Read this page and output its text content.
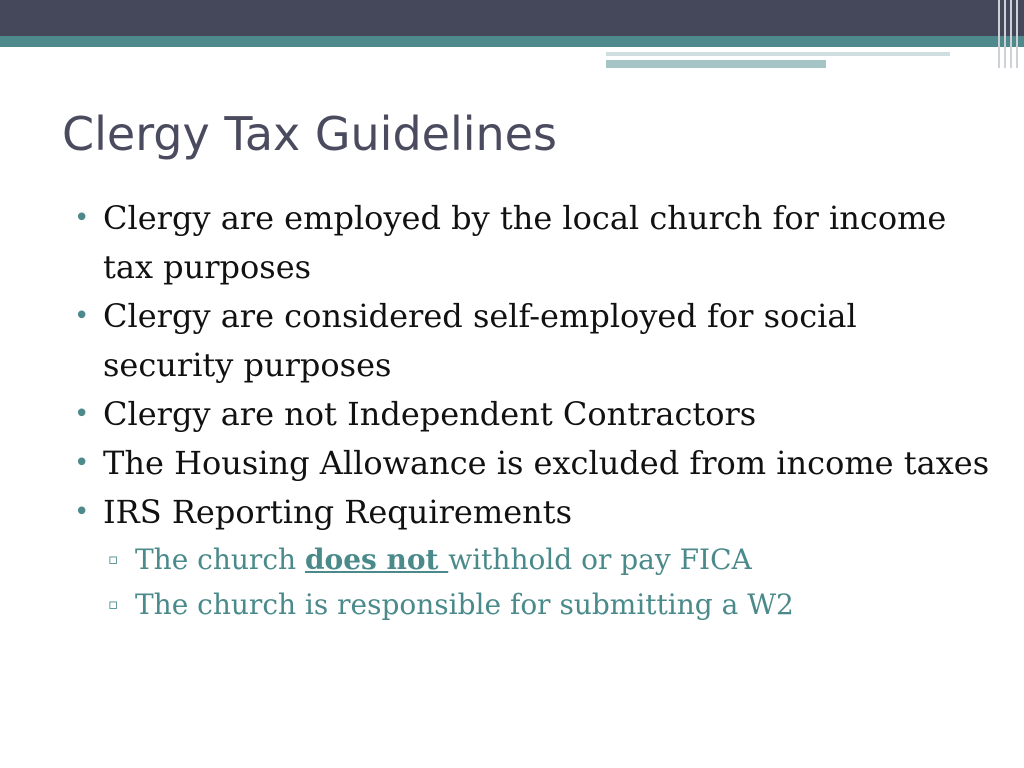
Clergy Tax Guidelines
• Clergy are employed by the local church for income tax purposes
• Clergy are considered self-employed for social security purposes
• Clergy are not Independent Contractors
• The Housing Allowance is excluded from income taxes
• IRS Reporting Requirements
▫ The church does not withhold or pay FICA
▫ The church is responsible for submitting a W2
